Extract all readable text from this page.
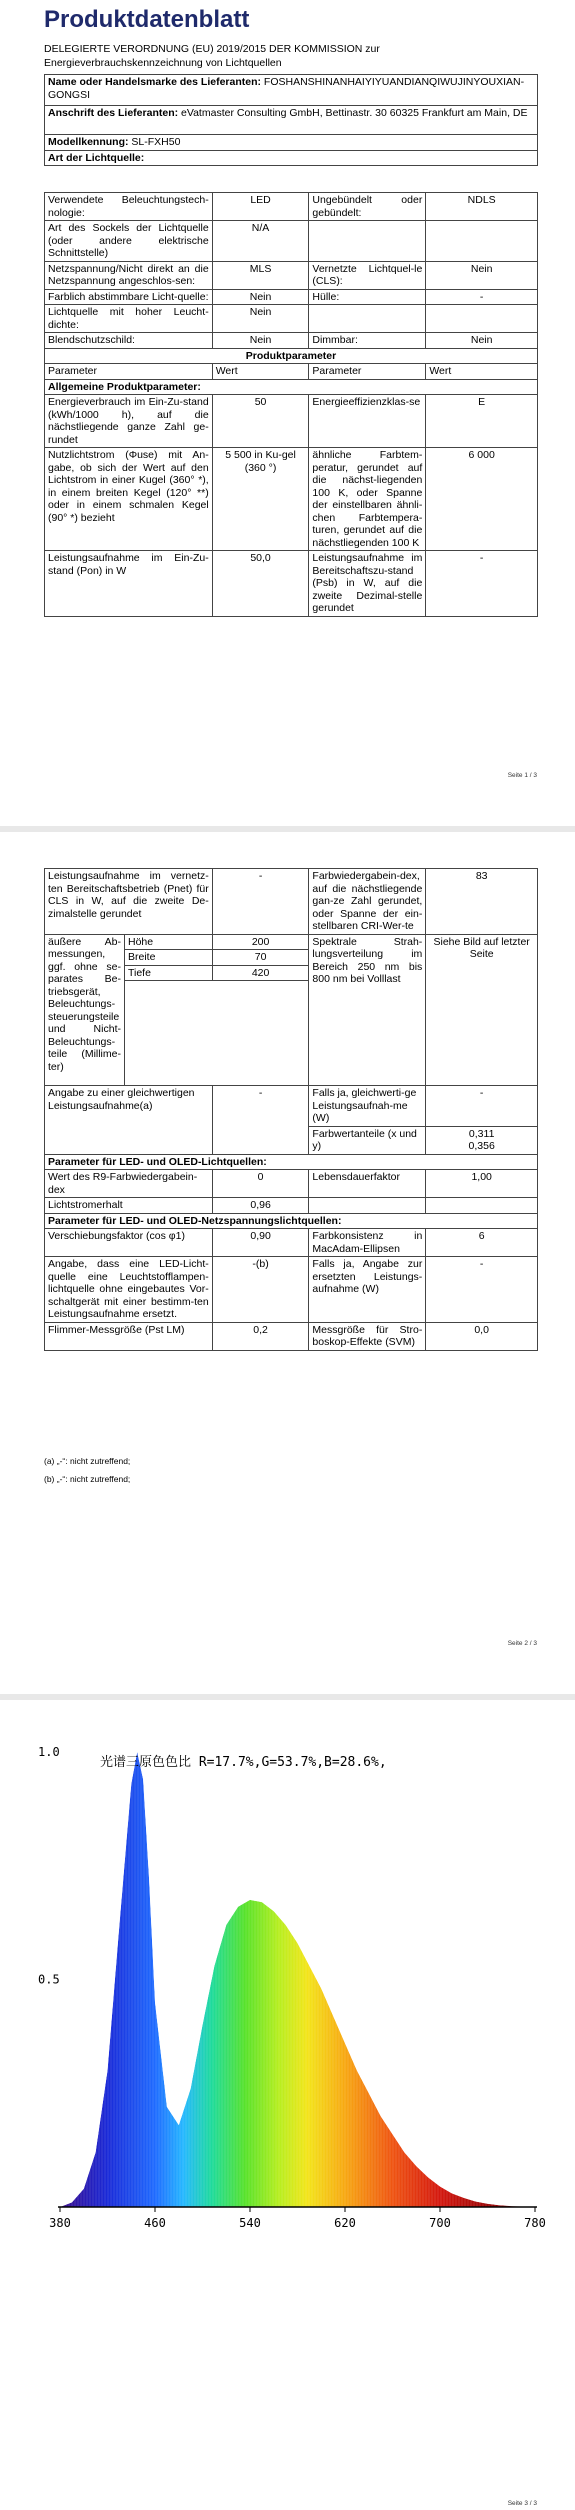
Produktdatenblatt
DELEGIERTE VERORDNUNG (EU) 2019/2015 DER KOMMISSION zur Energieverbrauchskennzeichnung von Lichtquellen
Name oder Handelsmarke des Lieferanten: FOSHANSHINANHAIYIYUANDIANQIWUJINYOUXIAN-GONGSI
Anschrift des Lieferanten: eVatmaster Consulting GmbH, Bettinastr. 30 60325 Frankfurt am Main, DE
Modellkennung: SL-FXH50
Art der Lichtquelle:
Verwendete Beleuchtungstech-nologie:	LED	Ungebündelt oder gebündelt:	NDLS
Art des Sockels der Lichtquelle (oder andere elektrische Schnittstelle)	N/A		
Netzspannung/Nicht direkt an die Netzspannung angeschlos-sen:	MLS	Vernetzte Lichtquel-le (CLS):	Nein
Farblich abstimmbare Licht-quelle:	Nein	Hülle:	-
Lichtquelle mit hoher Leucht-dichte:	Nein		
Blendschutzschild:	Nein	Dimmbar:	Nein
Produktparameter			
Parameter	Wert	Parameter	Wert
Allgemeine Produktparameter:			
Energieverbrauch im Ein-Zu-stand (kWh/1000 h), auf die nächstliegende ganze Zahl ge-rundet	50	Energieeffizienzklas-se	E
Nutzlichtstrom (Φuse) mit An-gabe, ob sich der Wert auf den Lichtstrom in einer Kugel (360° *), in einem breiten Kegel (120° **) oder in einem schmalen Kegel (90° *) bezieht	5 500 in Ku-gel (360 °)	ähnliche Farbtem-peratur, gerundet auf die nächst-liegenden 100 K, oder Spanne der einstellbaren ähnli-chen Farbtempera-turen, gerundet auf die nächstliegenden 100 K	6 000
Leistungsaufnahme im Ein-Zu-stand (Pon) in W	50,0	Leistungsaufnahme im Bereitschaftszu-stand (Psb) in W, auf die zweite Dezimal-stelle gerundet	-
Seite 1 / 3
Leistungsaufnahme im vernetz-ten Bereitschaftsbetrieb (Pnet) für CLS in W, auf die zweite De-zimalstelle gerundet		-	Farbwiedergabein-dex, auf die nächstliegende gan-ze Zahl gerundet, oder Spanne der ein-stellbaren CRI-Wer-te	83
äußere Ab-messungen, ggf. ohne se-parates Be-triebsgerät, Beleuchtungs-steuerungsteile und Nicht-Beleuchtungs-teile (Millime-ter)	Höhe	200	Spektrale Strah-lungsverteilung im Bereich 250 nm bis 800 nm bei Volllast	Siehe Bild auf letzter Seite
	Breite	70		
	Tiefe	420		

Angabe zu einer gleichwertigen Leistungsaufnahme(a)		-	Falls ja, gleichwerti-ge Leistungsaufnah-me (W)	-
			Farbwertanteile (x und y)	0,311
0,356

Parameter für LED- und OLED-Lichtquellen:				
Wert des R9-Farbwiedergabein-dex		0	Lebensdauerfaktor	1,00
Lichtstromerhalt		0,96		
Parameter für LED- und OLED-Netzspannungslichtquellen:				
Verschiebungsfaktor (cos φ1)		0,90	Farbkonsistenz in MacAdam-Ellipsen	6
Angabe, dass eine LED-Licht-quelle eine Leuchtstofflampen-lichtquelle ohne eingebautes Vor-schaltgerät mit einer bestimm-ten Leistungsaufnahme ersetzt.		-(b)	Falls ja, Angabe zur ersetzten Leistungs-aufnahme (W)	-
Flimmer-Messgröße (Pst LM)		0,2	Messgröße für Stro-boskop-Effekte (SVM)	0,0
(a) „-“: nicht zutreffend;
(b) „-“: nicht zutreffend;
Seite 2 / 3
380	460	540	620	700	780
0.5
1.0
光谱三原色色比 R=17.7%,G=53.7%,B=28.6%,
Seite 3 / 3
